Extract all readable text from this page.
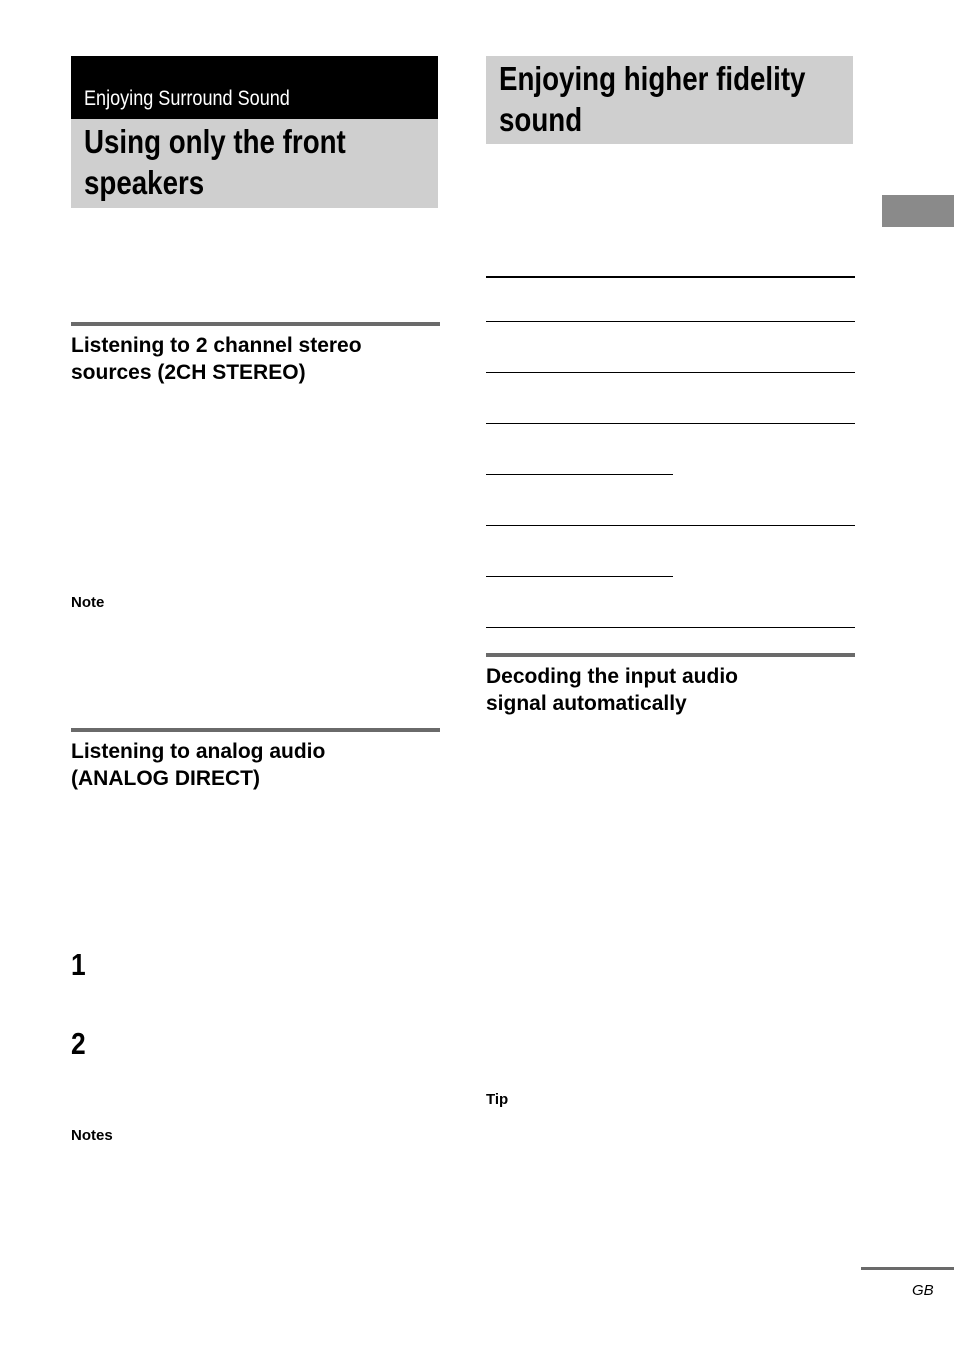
Enjoying Surround Sound
Using only the front
speakers
Listening to 2 channel stereo
sources (2CH STEREO)
Note
Listening to analog audio
(ANALOG DIRECT)
1
2
Notes
Enjoying higher fidelity
sound
Decoding the input audio
signal automatically
Tip
GB
